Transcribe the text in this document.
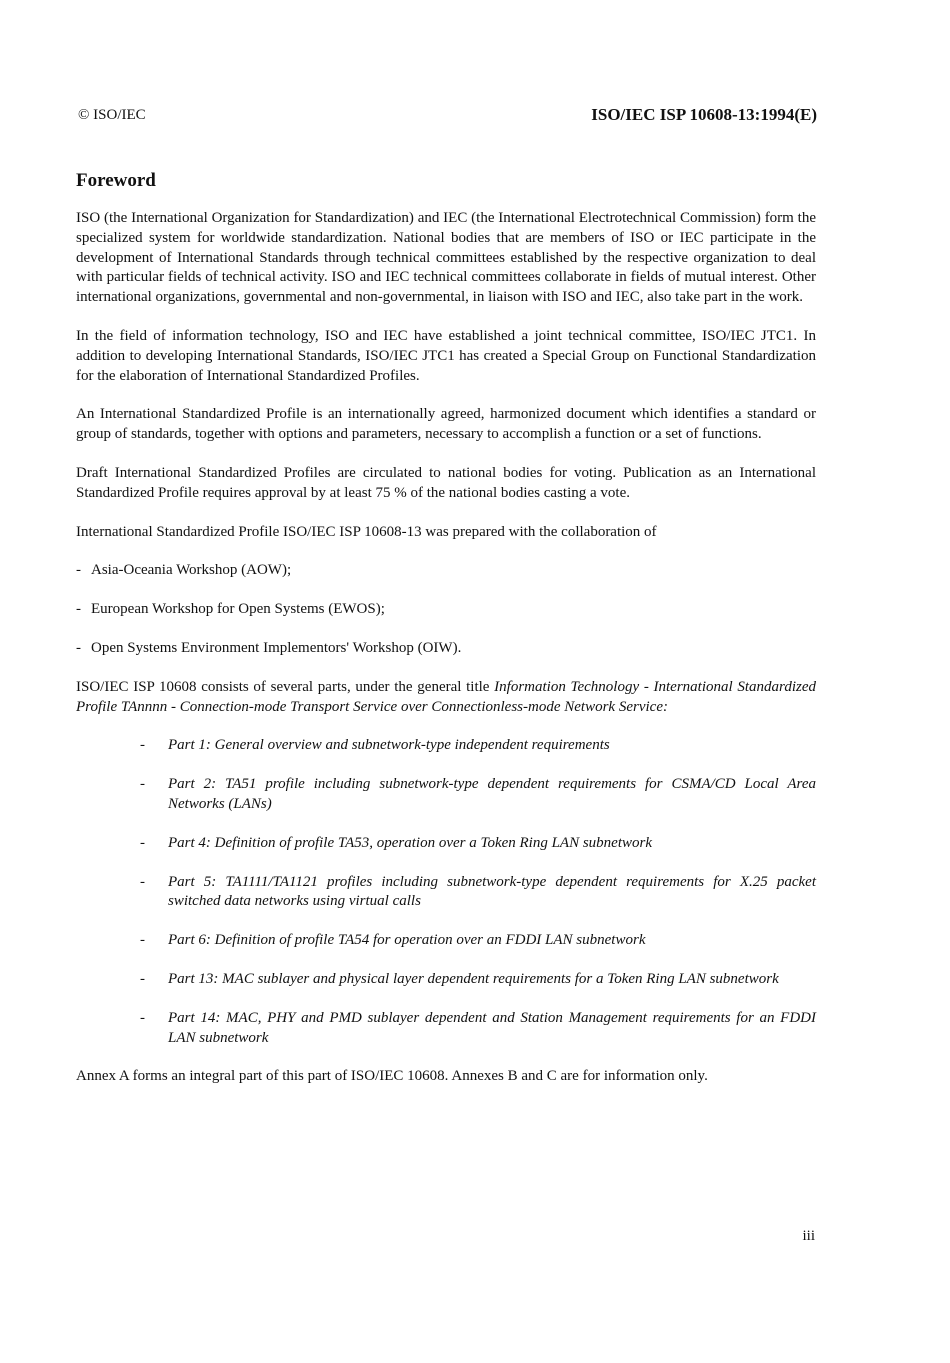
© ISO/IEC	ISO/IEC ISP 10608-13:1994(E)
Foreword

ISO (the International Organization for Standardization) and IEC (the International Electrotechnical Commission) form the specialized system for worldwide standardization. National bodies that are members of ISO or IEC participate in the development of International Standards through technical committees established by the respective organization to deal with particular fields of technical activity. ISO and IEC technical committees collaborate in fields of mutual interest. Other international organizations, governmental and non-governmental, in liaison with ISO and IEC, also take part in the work.

In the field of information technology, ISO and IEC have established a joint technical committee, ISO/IEC JTC1. In addition to developing International Standards, ISO/IEC JTC1 has created a Special Group on Functional Standardization for the elaboration of International Standardized Profiles.

An International Standardized Profile is an internationally agreed, harmonized document which identifies a standard or group of standards, together with options and parameters, necessary to accomplish a function or a set of functions.

Draft International Standardized Profiles are circulated to national bodies for voting. Publication as an International Standardized Profile requires approval by at least 75 % of the national bodies casting a vote.

International Standardized Profile ISO/IEC ISP 10608-13 was prepared with the collaboration of

- Asia-Oceania Workshop (AOW);
- European Workshop for Open Systems (EWOS);
- Open Systems Environment Implementors' Workshop (OIW).

ISO/IEC ISP 10608 consists of several parts, under the general title Information Technology - International Standardized Profile TAnnnn - Connection-mode Transport Service over Connectionless-mode Network Service:

-	Part 1: General overview and subnetwork-type independent requirements
-	Part 2: TA51 profile including subnetwork-type dependent requirements for CSMA/CD Local Area Networks (LANs)
-	Part 4: Definition of profile TA53, operation over a Token Ring LAN subnetwork
-	Part 5: TA1111/TA1121 profiles including subnetwork-type dependent requirements for X.25 packet switched data networks using virtual calls
-	Part 6: Definition of profile TA54 for operation over an FDDI LAN subnetwork
-	Part 13: MAC sublayer and physical layer dependent requirements for a Token Ring LAN subnetwork
-	Part 14: MAC, PHY and PMD sublayer dependent and Station Management requirements for an FDDI LAN subnetwork

Annex A forms an integral part of this part of ISO/IEC 10608. Annexes B and C are for information only.

iii
